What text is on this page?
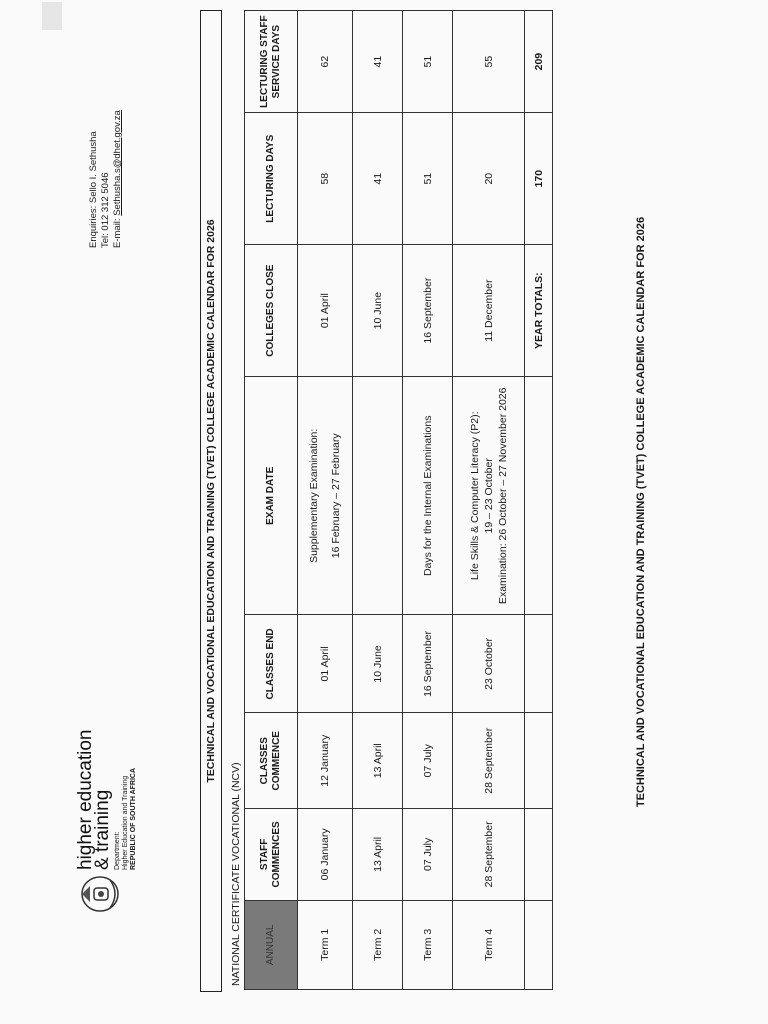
higher education
& training Department: Higher Education and Training REPUBLIC OF SOUTH AFRICA
Enquiries: Sello I. Sethusha Tel: 012 312 5046 E-mail: Sethusha.s@dhet.gov.za
TECHNICAL AND VOCATIONAL EDUCATION AND TRAINING (TVET) COLLEGE ACADEMIC CALENDAR FOR 2026
NATIONAL CERTIFICATE VOCATIONAL (NCV) ANNUAL	STAFF COMMENCES	CLASSES COMMENCE	CLASSES END	EXAM DATE	COLLEGES CLOSE	LECTURING DAYS	LECTURING STAFF SERVICE DAYS
Term 1	06 January	12 January	01 April	Supplementary Examination: 16 February – 27 February	01 April	58	62
Term 2	13 April	13 April	10 June		10 June	41	41
Term 3	07 July	07 July	16 September	Days for the Internal Examinations	16 September	51	51
Term 4	28 September	28 September	23 October	Life Skills & Computer Literacy (P2): 19 – 23 October Examination: 26 October – 27 November 2026	11 December	20	55
					YEAR TOTALS:	170	209
TECHNICAL AND VOCATIONAL EDUCATION AND TRAINING (TVET) COLLEGE ACADEMIC CALENDAR FOR 2026
